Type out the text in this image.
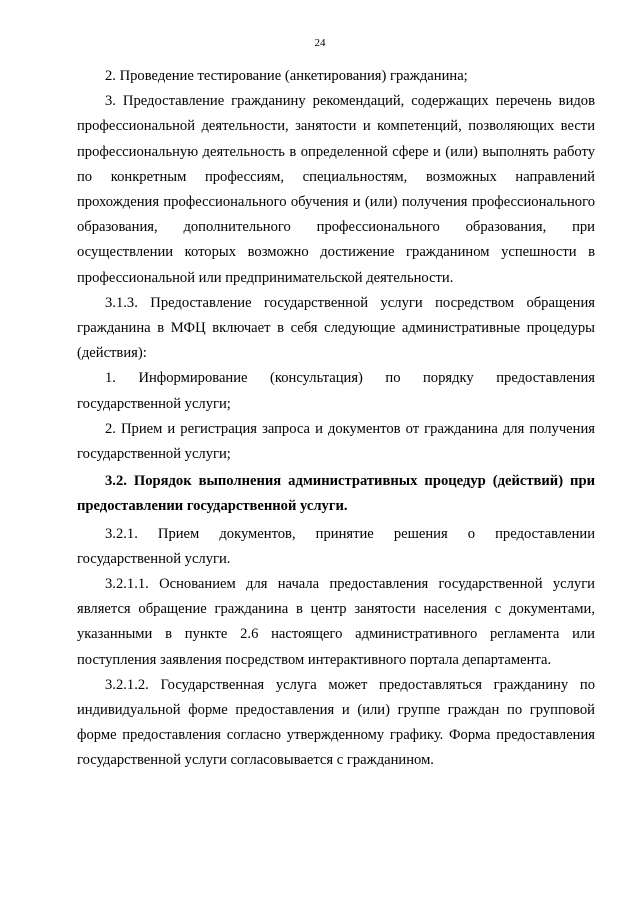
24

2. Проведение тестирование (анкетирования) гражданина;

3. Предоставление гражданину рекомендаций, содержащих перечень видов профессиональной деятельности, занятости и компетенций, позволяющих вести профессиональную деятельность в определенной сфере и (или) выполнять работу по конкретным профессиям, специальностям, возможных направлений прохождения профессионального обучения и (или) получения профессионального образования, дополнительного профессионального образования, при осуществлении которых возможно достижение гражданином успешности в профессиональной или предпринимательской деятельности.

3.1.3. Предоставление государственной услуги посредством обращения гражданина в МФЦ включает в себя следующие административные процедуры (действия):

1. Информирование (консультация) по порядку предоставления государственной услуги;

2. Прием и регистрация запроса и документов от гражданина для получения государственной услуги;

3.2. Порядок выполнения административных процедур (действий) при предоставлении государственной услуги.

3.2.1. Прием документов, принятие решения о предоставлении государственной услуги.

3.2.1.1. Основанием для начала предоставления государственной услуги является обращение гражданина в центр занятости населения с документами, указанными в пункте 2.6 настоящего административного регламента или поступления заявления посредством интерактивного портала департамента.

3.2.1.2. Государственная услуга может предоставляться гражданину по индивидуальной форме предоставления и (или) группе граждан по групповой форме предоставления согласно утвержденному графику. Форма предоставления государственной услуги согласовывается с гражданином.
